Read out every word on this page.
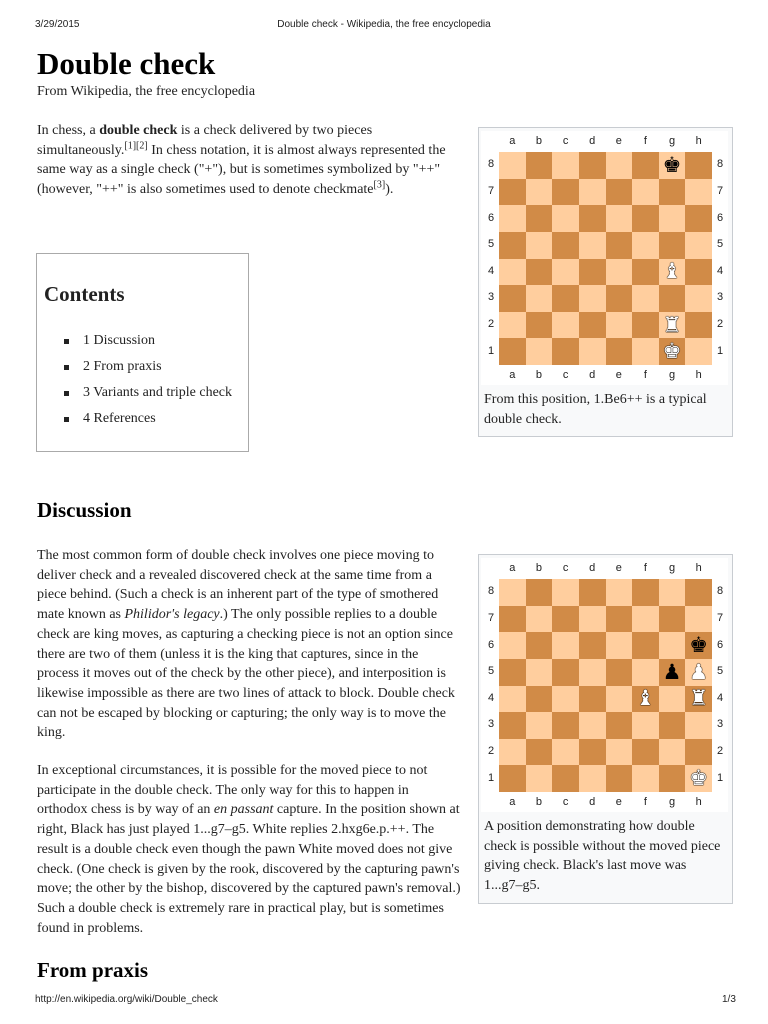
3/29/2015	Double check - Wikipedia, the free encyclopedia
Double check
From Wikipedia, the free encyclopedia

In chess, a double check is a check delivered by two pieces simultaneously.[1][2] In chess notation, it is almost always represented the same way as a single check ("+"), but is sometimes symbolized by "++" (however, "++" is also sometimes used to denote checkmate[3]).

Contents
1 Discussion
2 From praxis
3 Variants and triple check
4 References
a
a
b
b
c
c
d
d
e
e
f
f
g
g
h
h
8	8
7	7
6	6
5	5
4	4
3	3
2	2
1	1
♚
♝
♜
♚
From this position, 1.Be6++ is a typical double check.
Discussion

The most common form of double check involves one piece moving to deliver check and a revealed discovered check at the same time from a piece behind. (Such a check is an inherent part of the type of smothered mate known as Philidor's legacy.) The only possible replies to a double check are king moves, as capturing a checking piece is not an option since there are two of them (unless it is the king that captures, since in the process it moves out of the check by the other piece), and interposition is likewise impossible as there are two lines of attack to block. Double check can not be escaped by blocking or capturing; the only way is to move the king.

In exceptional circumstances, it is possible for the moved piece to not participate in the double check. The only way for this to happen in orthodox chess is by way of an en passant capture. In the position shown at right, Black has just played 1...g7–g5. White replies 2.hxg6e.p.++. The result is a double check even though the pawn White moved does not give check. (One check is given by the rook, discovered by the capturing pawn's move; the other by the bishop, discovered by the captured pawn's removal.) Such a double check is extremely rare in practical play, but is sometimes found in problems.

a
a
b
b
c
c
d
d
e
e
f
f
g
g
h
h
8	8
7	7
6	6
5	5
4	4
3	3
2	2
1	1
♚
♟ ♟
♝ ♜
♚
A position demonstrating how double check is possible without the moved piece giving check. Black's last move was 1...g7–g5.
From praxis
http://en.wikipedia.org/wiki/Double_check	1/3
